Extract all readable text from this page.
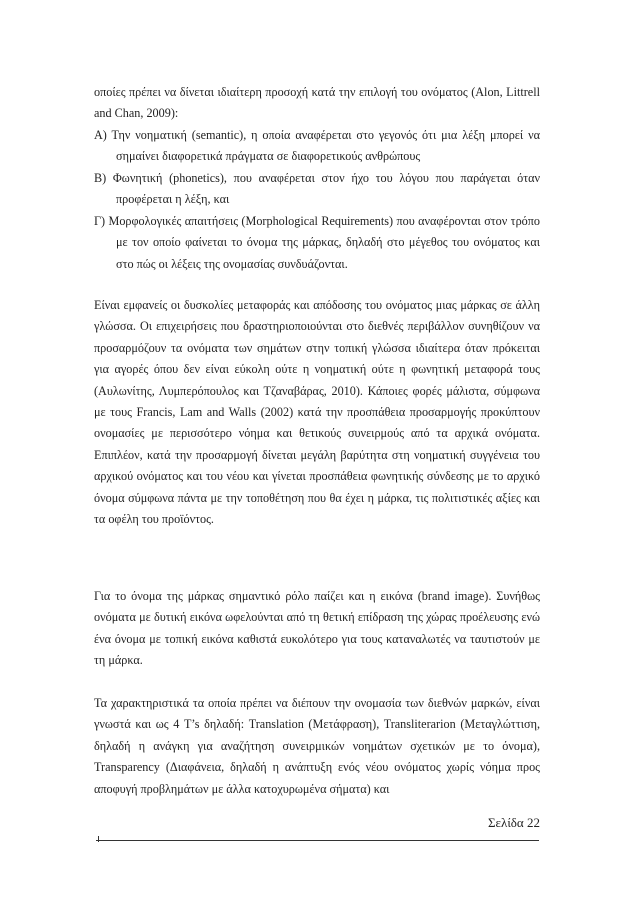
οποίες πρέπει να δίνεται ιδιαίτερη προσοχή κατά την επιλογή του ονόματος (Alon, Littrell and Chan, 2009):

Α) Την νοηματική (semantic), η οποία αναφέρεται στο γεγονός ότι μια λέξη μπορεί να σημαίνει διαφορετικά πράγματα σε διαφορετικούς ανθρώπους

Β) Φωνητική (phonetics), που αναφέρεται στον ήχο του λόγου που παράγεται όταν προφέρεται η λέξη, και

Γ) Μορφολογικές απαιτήσεις (Morphological Requirements) που αναφέρονται στον τρόπο με τον οποίο φαίνεται το όνομα της μάρκας, δηλαδή στο μέγεθος του ονόματος και στο πώς οι λέξεις της ονομασίας συνδυάζονται.

Είναι εμφανείς οι δυσκολίες μεταφοράς και απόδοσης του ονόματος μιας μάρκας σε άλλη γλώσσα. Οι επιχειρήσεις που δραστηριοποιούνται στο διεθνές περιβάλλον συνηθίζουν να προσαρμόζουν τα ονόματα των σημάτων στην τοπική γλώσσα ιδιαίτερα όταν πρόκειται για αγορές όπου δεν είναι εύκολη ούτε η νοηματική ούτε η φωνητική μεταφορά τους (Αυλωνίτης, Λυμπερόπουλος και Τζαναβάρας, 2010). Κάποιες φορές μάλιστα, σύμφωνα με τους Francis, Lam and Walls (2002) κατά την προσπάθεια προσαρμογής προκύπτουν ονομασίες με περισσότερο νόημα και θετικούς συνειρμούς από τα αρχικά ονόματα. Επιπλέον, κατά την προσαρμογή δίνεται μεγάλη βαρύτητα στη νοηματική συγγένεια του αρχικού ονόματος και του νέου και γίνεται προσπάθεια φωνητικής σύνδεσης με το αρχικό όνομα σύμφωνα πάντα με την τοποθέτηση που θα έχει η μάρκα, τις πολιτιστικές αξίες και τα οφέλη του προϊόντος.

Για το όνομα της μάρκας σημαντικό ρόλο παίζει και η εικόνα (brand image). Συνήθως ονόματα με δυτική εικόνα ωφελούνται από τη θετική επίδραση της χώρας προέλευσης ενώ ένα όνομα με τοπική εικόνα καθιστά ευκολότερο για τους καταναλωτές να ταυτιστούν με τη μάρκα.

Τα χαρακτηριστικά τα οποία πρέπει να διέπουν την ονομασία των διεθνών μαρκών, είναι γνωστά και ως 4 T’s δηλαδή: Translation (Μετάφραση), Transliterarion (Μεταγλώττιση, δηλαδή η ανάγκη για αναζήτηση συνειρμικών νοημάτων σχετικών με το όνομα), Transparency (Διαφάνεια, δηλαδή η ανάπτυξη ενός νέου ονόματος χωρίς νόημα προς αποφυγή προβλημάτων με άλλα κατοχυρωμένα σήματα) και

Σελίδα 22
